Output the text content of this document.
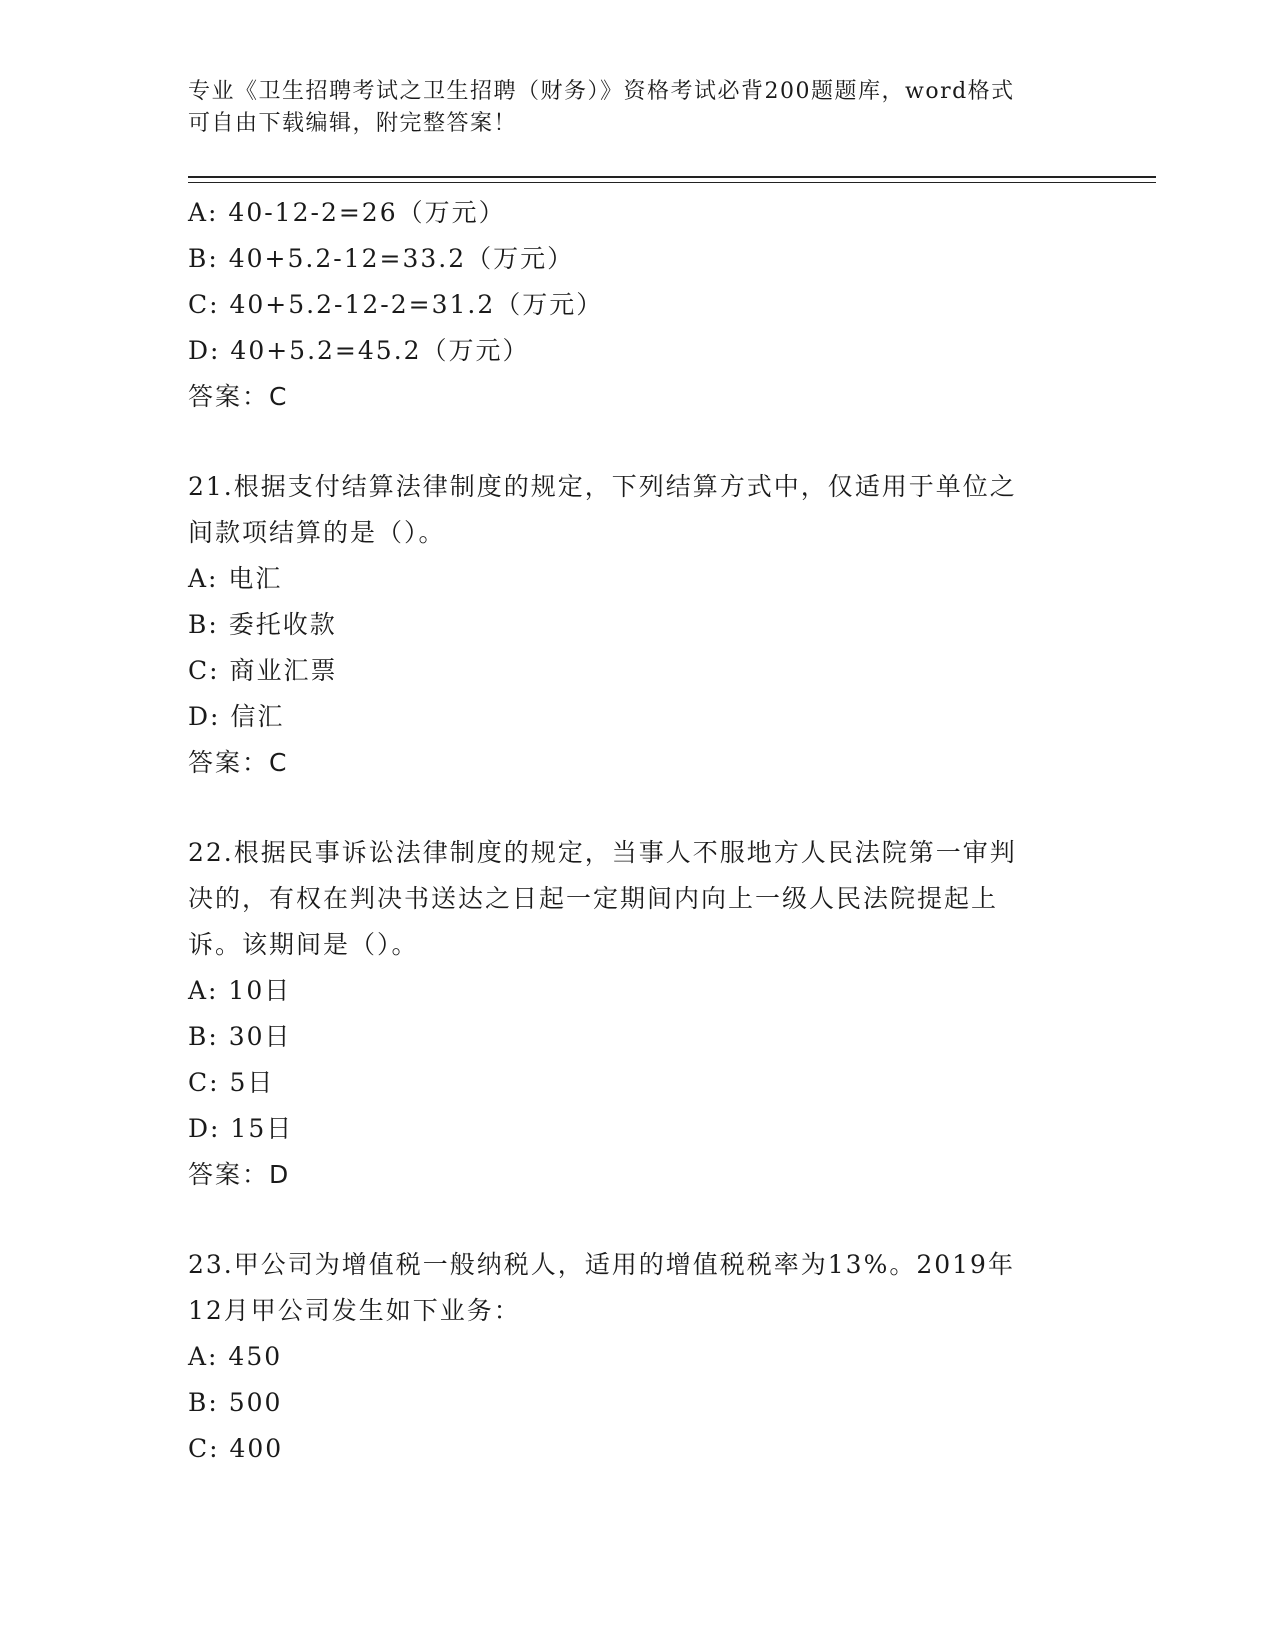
专业《卫生招聘考试之卫生招聘（财务）》资格考试必背200题题库，word格式
可自由下载编辑，附完整答案！
A: 40-12-2=26（万元）
B: 40+5.2-12=33.2（万元）
C: 40+5.2-12-2=31.2（万元）
D: 40+5.2=45.2（万元）
答案：C
21.根据支付结算法律制度的规定，下列结算方式中，仅适用于单位之
间款项结算的是（）。
A: 电汇
B: 委托收款
C: 商业汇票
D: 信汇
答案：C
22.根据民事诉讼法律制度的规定，当事人不服地方人民法院第一审判
决的，有权在判决书送达之日起一定期间内向上一级人民法院提起上
诉。该期间是（）。
A: 10日
B: 30日
C: 5日
D: 15日
答案：D
23.甲公司为增值税一般纳税人，适用的增值税税率为13%。2019年
12月甲公司发生如下业务：
A: 450
B: 500
C: 400
